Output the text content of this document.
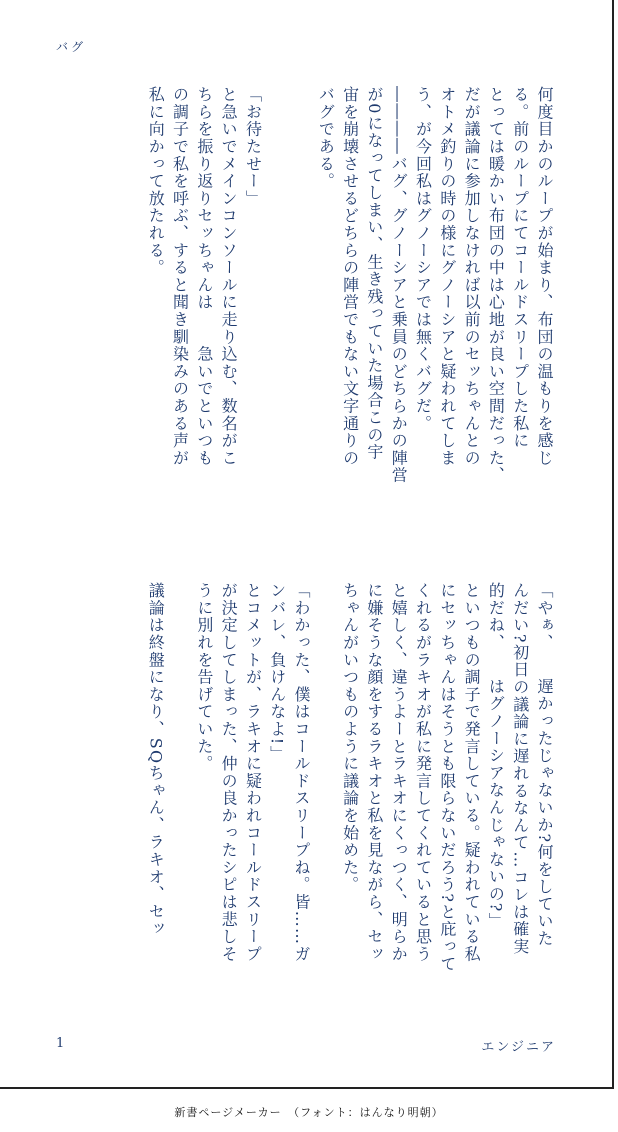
バグ
何度目かのループが始まり、布団の温もりを感じ
る。前のループにてコールドスリープした私に
とっては暖かい布団の中は心地が良い空間だった、
だが議論に参加しなければ以前のセッちゃんとの
オトメ釣りの時の様にグノーシアと疑われてしま
う、が今回私はグノーシアでは無くバグだ。
――――バグ、グノーシアと乗員のどちらかの陣営
が0になってしまい、生き残っていた場合この宇
宙を崩壊させるどちらの陣営でもない文字通りの
バグである。

「お待たせー」
と急いでメインコンソールに走り込む、数名がこ
ちらを振り返りセッちゃんは　　急いでといつも
の調子で私を呼ぶ、すると聞き馴染みのある声が
私に向かって放たれる。
「やぁ、　　遅かったじゃないか?何をしていた
んだい?初日の議論に遅れるなんて…コレは確実
的だね、　　はグノーシアなんじゃないの?」
といつもの調子で発言している。疑われている私
にセッちゃんはそうとも限らないだろう?と庇って
くれるがラキオが私に発言してくれていると思う
と嬉しく、違うよーとラキオにくっつく、明らか
に嫌そうな顔をするラキオと私を見ながら、セッ
ちゃんがいつものように議論を始めた。

「わかった、僕はコールドスリープね。皆……ガ
ンバレ、負けんなよ!」
とコメットが、ラキオに疑われコールドスリープ
が決定してしまった、仲の良かったシピは悲しそ
うに別れを告げていた。

議論は終盤になり、SQちゃん、ラキオ、セッ
1	エンジニア
新書ページメーカー　（フォント：はんなり明朝）
